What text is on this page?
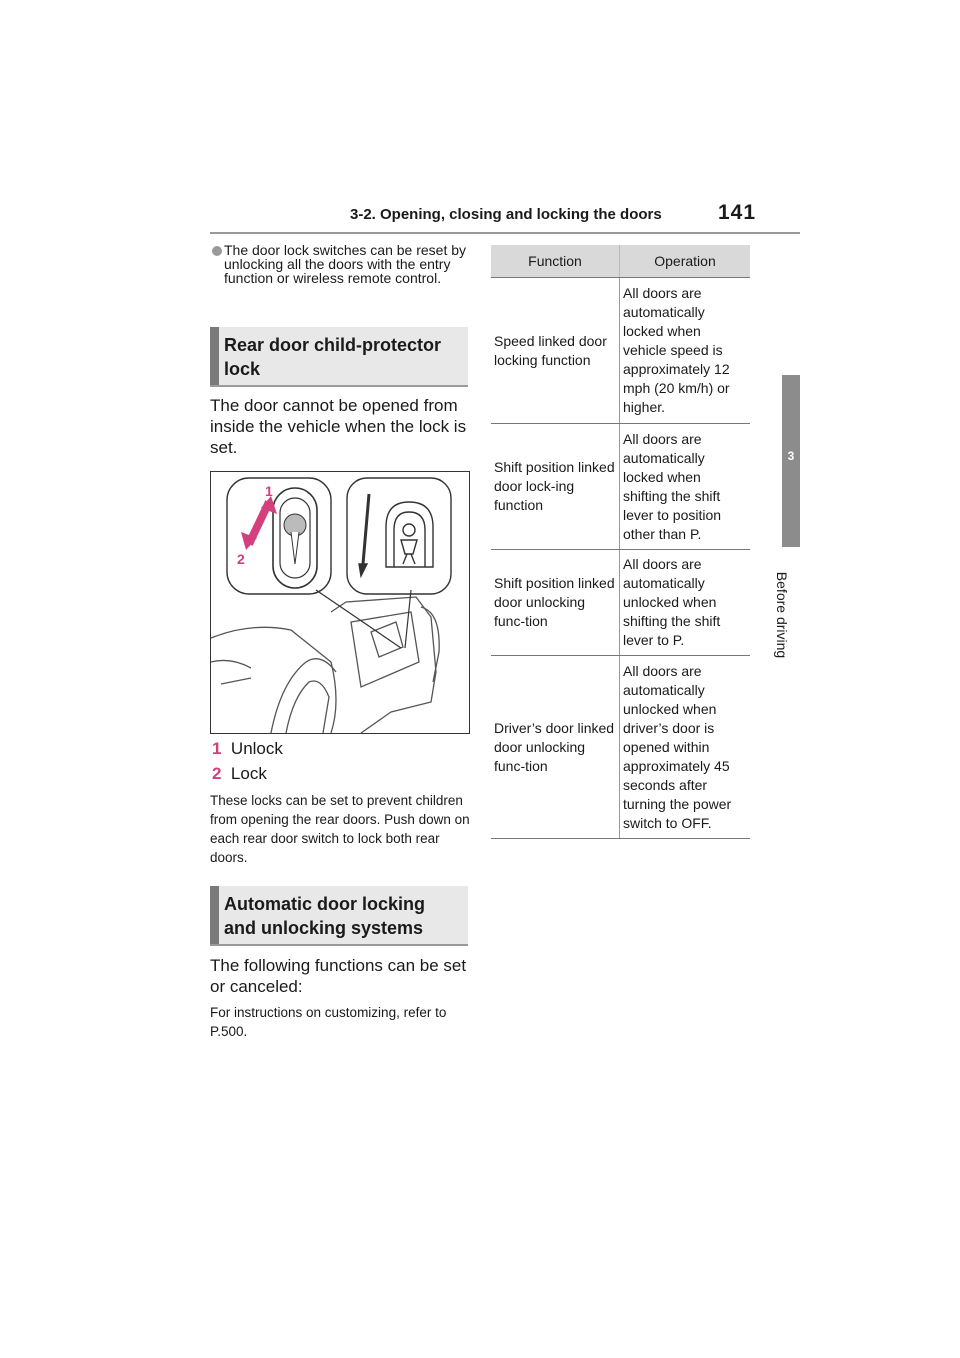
3-2. Opening, closing and locking the doors	141
3
Before driving
The door lock switches can be reset by unlocking all the doors with the entry function or wireless remote control.
Rear door child-protector lock
The door cannot be opened from inside the vehicle when the lock is set.
1
2
1 Unlock
2 Lock
These locks can be set to prevent children from opening the rear doors. Push down on each rear door switch to lock both rear doors.
Automatic door locking and unlocking systems
The following functions can be set or canceled:
For instructions on customizing, refer to P.500.
Function	Operation
Speed linked door locking function	All doors are automatically locked when vehicle speed is approximately 12 mph (20 km/h) or higher.
Shift position linked door lock-ing function	All doors are automatically locked when shifting the shift lever to position other than P.
Shift position linked door unlocking func-tion	All doors are automatically unlocked when shifting the shift lever to P.
Driver’s door linked door unlocking func-tion	All doors are automatically unlocked when driver’s door is opened within approximately 45 seconds after turning the power switch to OFF.
